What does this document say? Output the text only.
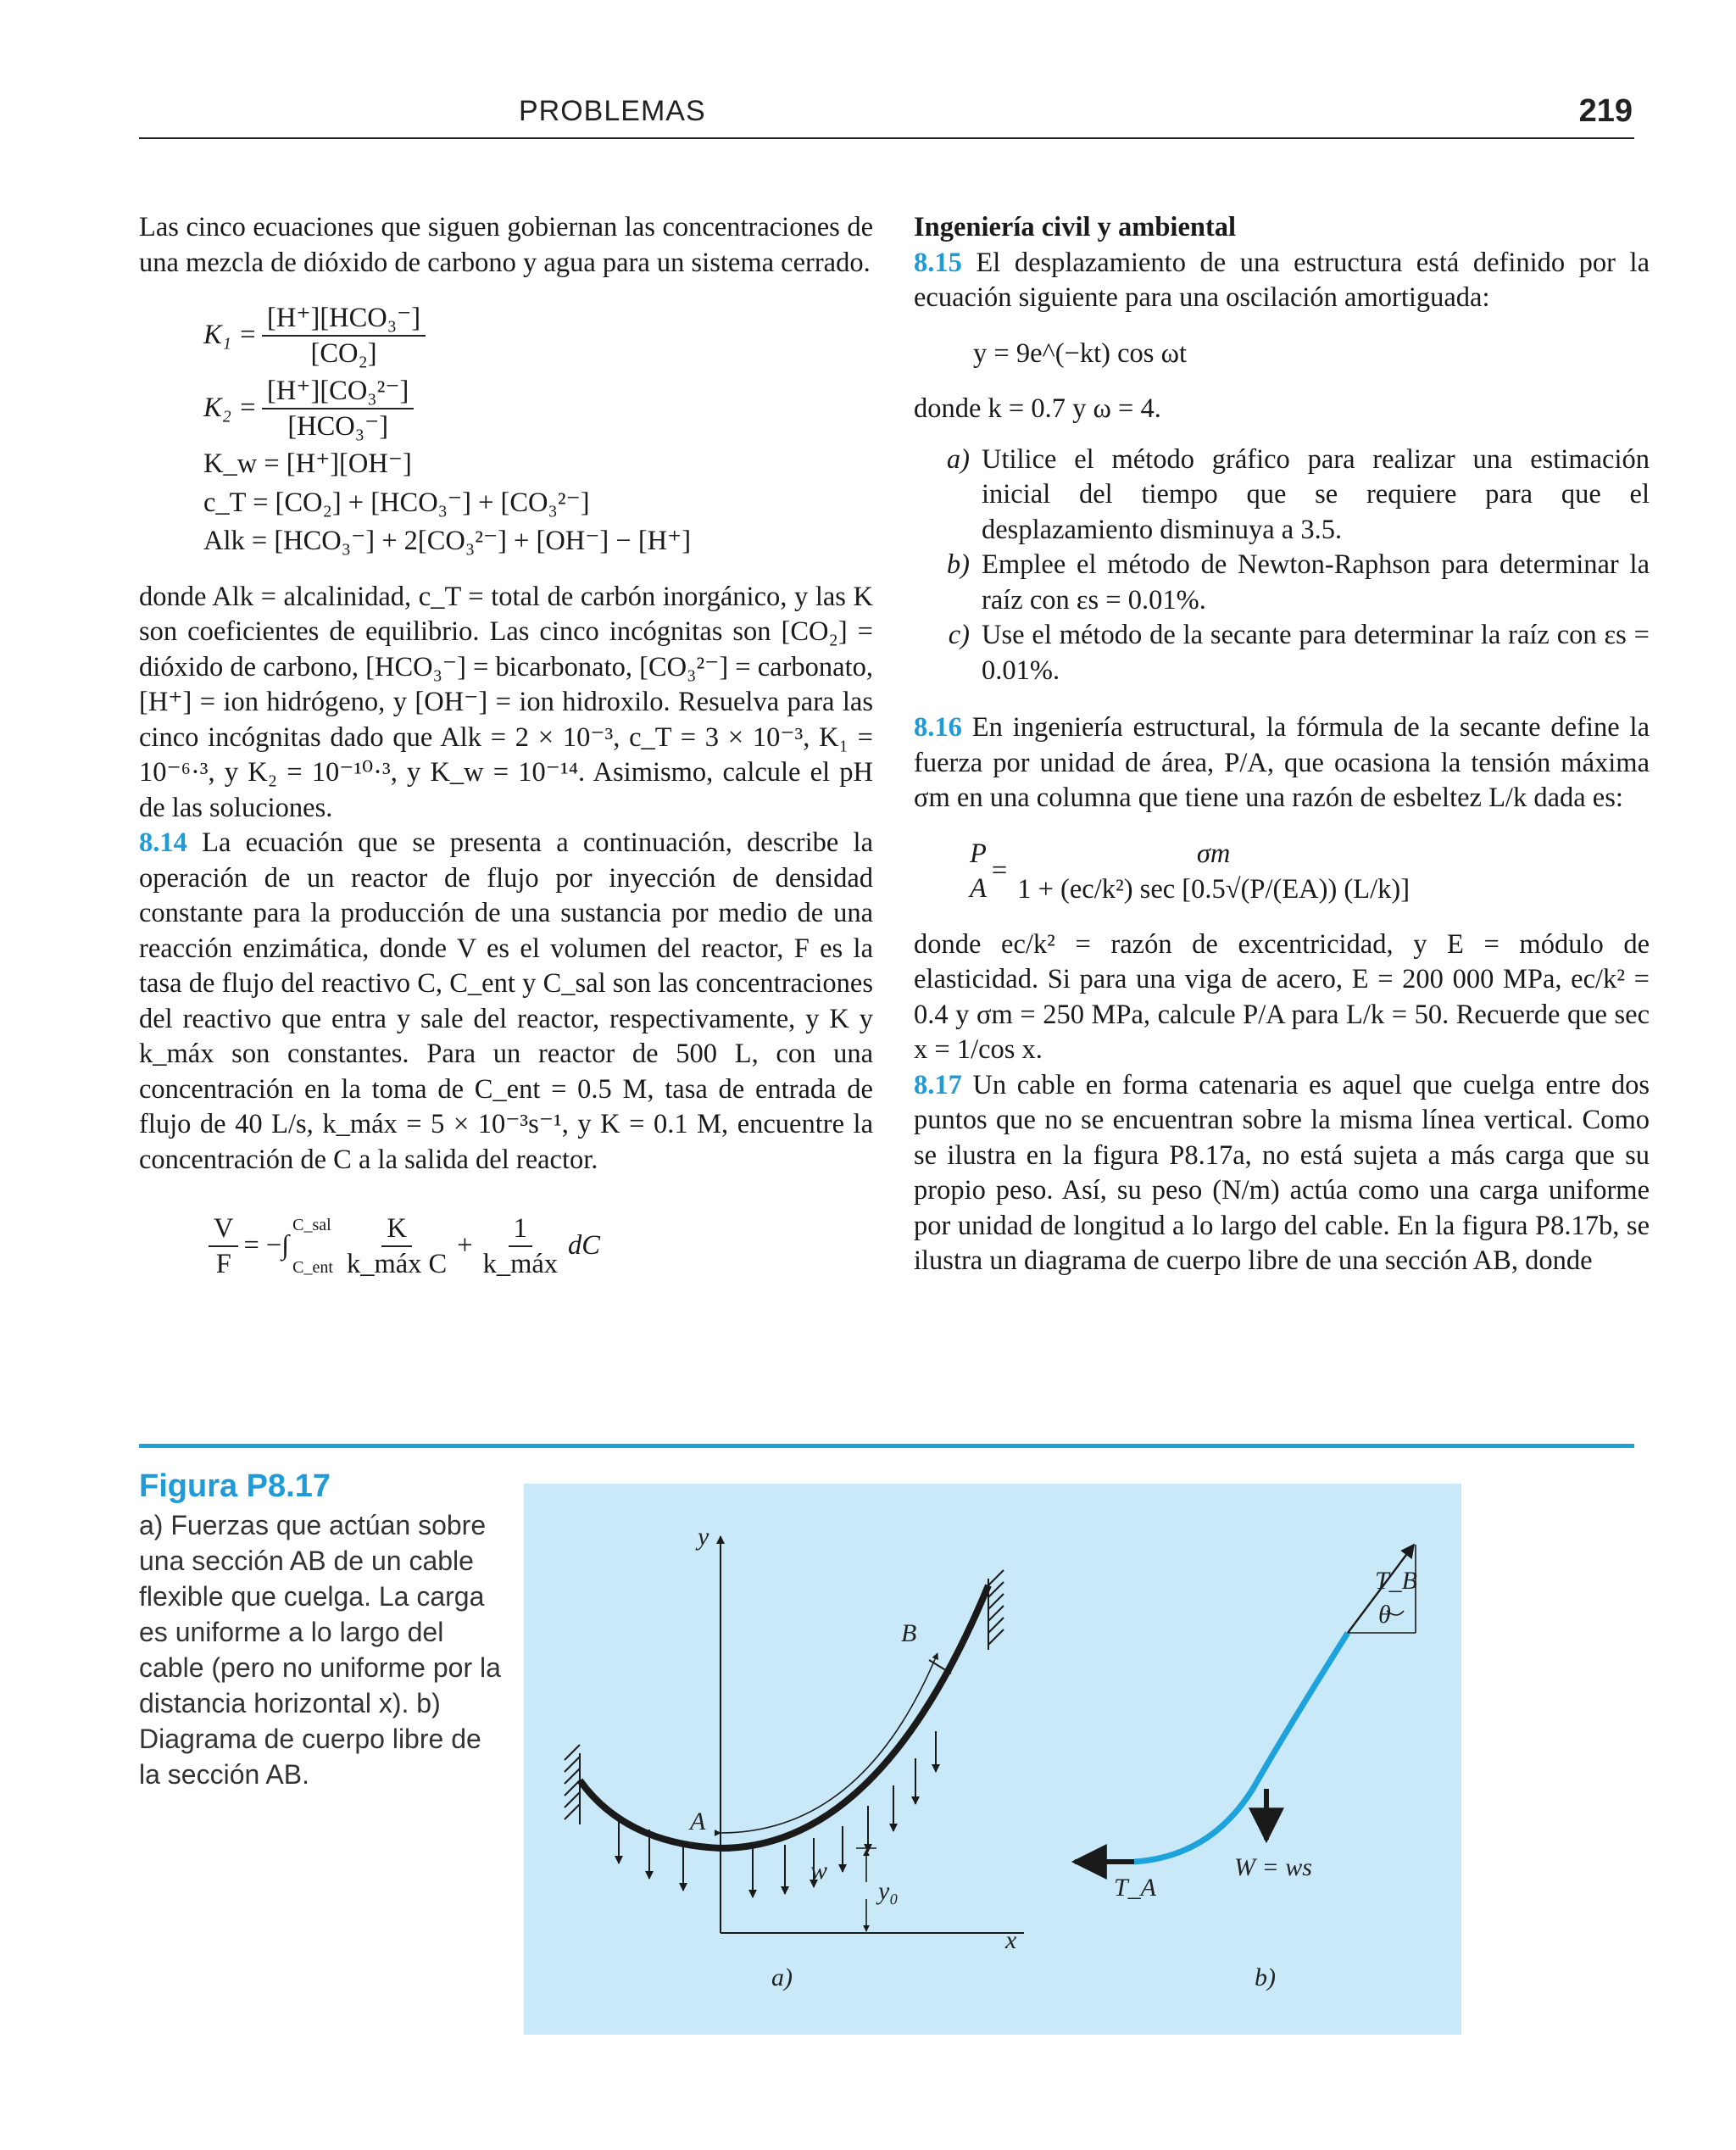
PROBLEMAS	219

Las cinco ecuaciones que siguen gobiernan las concentraciones de una mezcla de dióxido de carbono y agua para un sistema cerrado.

$K_1 = \frac{\text{[H⁺][HCO₃⁻]}}{\text{[CO₂]}}$
$K_2 = \frac{\text{[H⁺][CO₃²⁻]}}{\text{[HCO₃⁻]}}$
K_w = [H⁺][OH⁻]
c_T = [CO₂] + [HCO₃⁻] + [CO₃²⁻]
Alk = [HCO₃⁻] + 2[CO₃²⁻] + [OH⁻] − [H⁺]

donde Alk = alcalinidad, c_T = total de carbón inorgánico, y las K son coeficientes de equilibrio. Las cinco incógnitas son [CO₂] = dióxido de carbono, [HCO₃⁻] = bicarbonato, [CO₃²⁻] = carbonato, [H⁺] = ion hidrógeno, y [OH⁻] = ion hidroxilo. Resuelva para las cinco incógnitas dado que Alk = 2 × 10⁻³, c_T = 3 × 10⁻³, K₁ = 10⁻⁶·³, y K₂ = 10⁻¹⁰·³, y K_w = 10⁻¹⁴. Asimismo, calcule el pH de las soluciones.

8.14 La ecuación que se presenta a continuación, describe la operación de un reactor de flujo por inyección de densidad constante para la producción de una sustancia por medio de una reacción enzimática, donde V es el volumen del reactor, F es la tasa de flujo del reactivo C, C_ent y C_sal son las concentraciones del reactivo que entra y sale del reactor, respectivamente, y K y k_máx son constantes. Para un reactor de 500 L, con una concentración en la toma de C_ent = 0.5 M, tasa de entrada de flujo de 40 L/s, k_máx = 5 × 10⁻³s⁻¹, y K = 0.1 M, encuentre la concentración de C a la salida del reactor.

$\frac{V}{F}$ = −∫
C_sal
C_ent $\frac{K}{\text{k\_máx C}} + \frac{1}{\text{k\_máx}}$ dC

Ingeniería civil y ambiental

8.15 El desplazamiento de una estructura está definido por la ecuación siguiente para una oscilación amortiguada:

y = 9e^(−kt) cos ωt

donde k = 0.7 y ω = 4.

a) Utilice el método gráfico para realizar una estimación inicial del tiempo que se requiere para que el desplazamiento disminuya a 3.5.
b) Emplee el método de Newton-Raphson para determinar la raíz con εs = 0.01%.
c) Use el método de la secante para determinar la raíz con εs = 0.01%.

8.16 En ingeniería estructural, la fórmula de la secante define la fuerza por unidad de área, P/A, que ocasiona la tensión máxima σm en una columna que tiene una razón de esbeltez L/k dada es:

P
A
=
σm
1 + (ec/k²) sec [0.5√(P/(EA)) (L/k)]

donde ec/k² = razón de excentricidad, y E = módulo de elasticidad. Si para una viga de acero, E = 200 000 MPa, ec/k² = 0.4 y σm = 250 MPa, calcule P/A para L/k = 50. Recuerde que sec x = 1/cos x.

8.17 Un cable en forma catenaria es aquel que cuelga entre dos puntos que no se encuentran sobre la misma línea vertical. Como se ilustra en la figura P8.17a, no está sujeta a más carga que su propio peso. Así, su peso (N/m) actúa como una carga uniforme por unidad de longitud a lo largo del cable. En la figura P8.17b, se ilustra un diagrama de cuerpo libre de una sección AB, donde

Figura P8.17
a) Fuerzas que actúan sobre una sección AB de un cable flexible que cuelga. La carga es uniforme a lo largo del cable (pero no uniforme por la distancia horizontal x). b) Diagrama de cuerpo libre de la sección AB.
y
x
B
A
w
y₀
a)
T_A
T_B
θ
W = ws
b)
